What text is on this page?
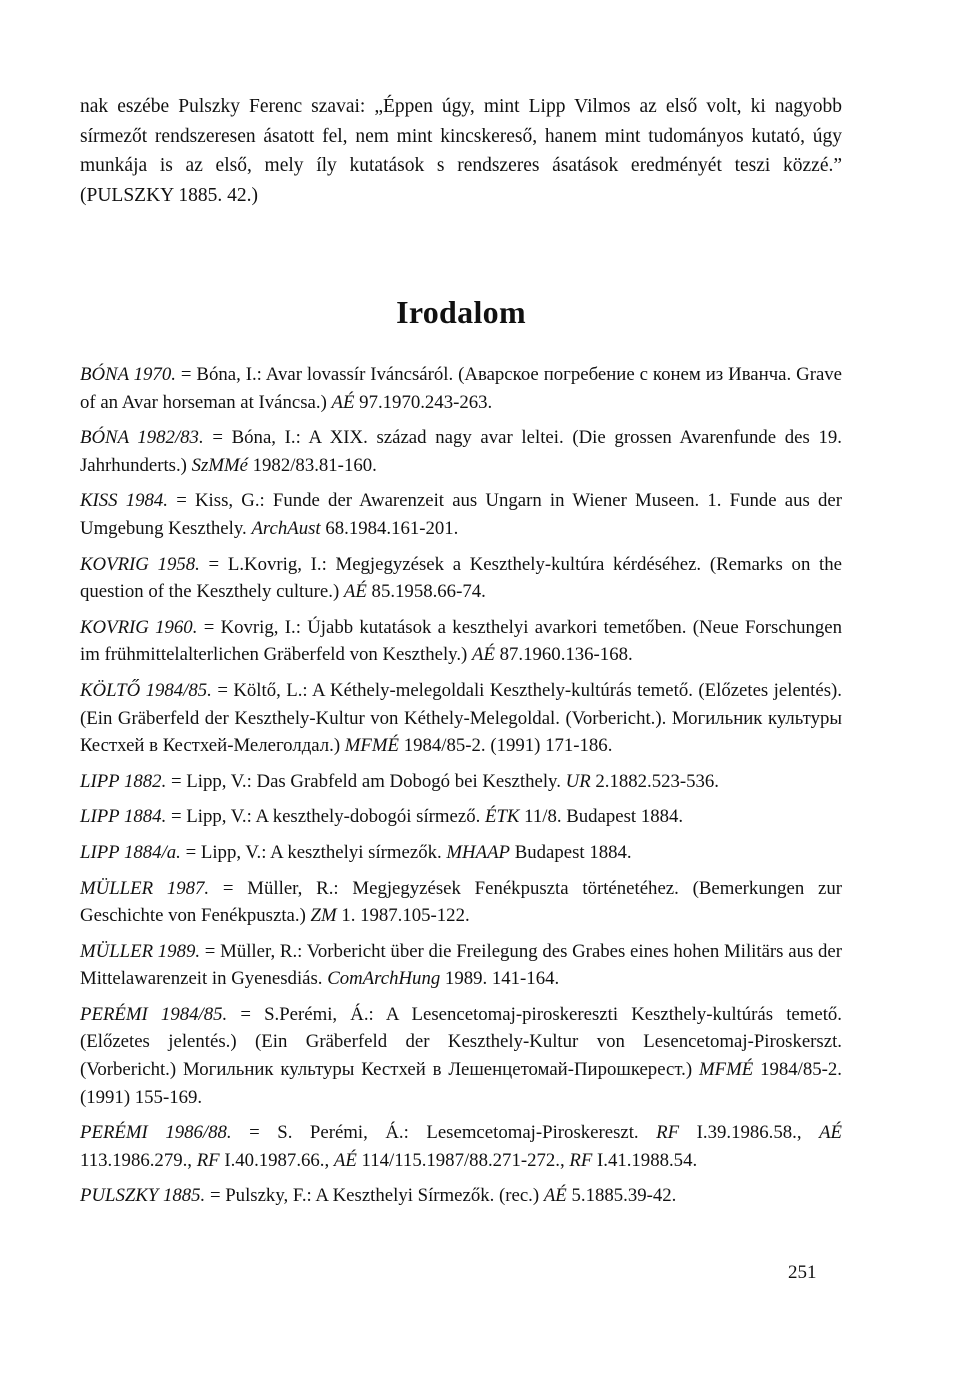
nak eszébe Pulszky Ferenc szavai: „Éppen úgy, mint Lipp Vilmos az első volt, ki nagyobb sírmezőt rendszeresen ásatott fel, nem mint kincskereső, hanem mint tudományos kutató, úgy munkája is az első, mely íly kutatások s rendszeres ásatások eredményét teszi közzé.” (PULSZKY 1885. 42.)

Irodalom

BÓNA 1970. = Bóna, I.: Avar lovassír Iváncsáról. (Аварское погребение с конем из Иванча. Grave of an Avar horseman at Iváncsa.) AÉ 97.1970.243-263.

BÓNA 1982/83. = Bóna, I.: A XIX. század nagy avar leltei. (Die grossen Avarenfunde des 19. Jahrhunderts.) SzMMé 1982/83.81-160.

KISS 1984. = Kiss, G.: Funde der Awarenzeit aus Ungarn in Wiener Museen. 1. Funde aus der Umgebung Keszthely. ArchAust 68.1984.161-201.

KOVRIG 1958. = L.Kovrig, I.: Megjegyzések a Keszthely-kultúra kérdéséhez. (Remarks on the question of the Keszthely culture.) AÉ 85.1958.66-74.

KOVRIG 1960. = Kovrig, I.: Újabb kutatások a keszthelyi avarkori temetőben. (Neue Forschungen im frühmittelalterlichen Gräberfeld von Keszthely.) AÉ 87.1960.136-168.

KÖLTŐ 1984/85. = Költő, L.: A Kéthely-melegoldali Keszthely-kultúrás temető. (Előzetes jelentés). (Ein Gräberfeld der Keszthely-Kultur von Kéthely-Melegoldal. (Vorbericht.). Могильник культуры Кестхей в Кестхей-Мелеголдал.) MFMÉ 1984/85-2. (1991) 171-186.

LIPP 1882. = Lipp, V.: Das Grabfeld am Dobogó bei Keszthely. UR 2.1882.523-536.

LIPP 1884. = Lipp, V.: A keszthely-dobogói sírmező. ÉTK 11/8. Budapest 1884.

LIPP 1884/a. = Lipp, V.: A keszthelyi sírmezők. MHAAP Budapest 1884.

MÜLLER 1987. = Müller, R.: Megjegyzések Fenékpuszta történetéhez. (Bemerkungen zur Geschichte von Fenékpuszta.) ZM 1. 1987.105-122.

MÜLLER 1989. = Müller, R.: Vorbericht über die Freilegung des Grabes eines hohen Militärs aus der Mittelawarenzeit in Gyenesdiás. ComArchHung 1989. 141-164.

PERÉMI 1984/85. = S.Perémi, Á.: A Lesencetomaj-piroskereszti Keszthely-kultúrás temető. (Előzetes jelentés.) (Ein Gräberfeld der Keszthely-Kultur von Lesencetomaj-Piroskerszt. (Vorbericht.) Могильник культуры Кестхей в Лешенцетомай-Пирошкерест.) MFMÉ 1984/85-2. (1991) 155-169.

PERÉMI 1986/88. = S. Perémi, Á.: Lesemcetomaj-Piroskereszt. RF I.39.1986.58., AÉ 113.1986.279., RF I.40.1987.66., AÉ 114/115.1987/88.271-272., RF I.41.1988.54.

PULSZKY 1885. = Pulszky, F.: A Keszthelyi Sírmezők. (rec.) AÉ 5.1885.39-42.

251
